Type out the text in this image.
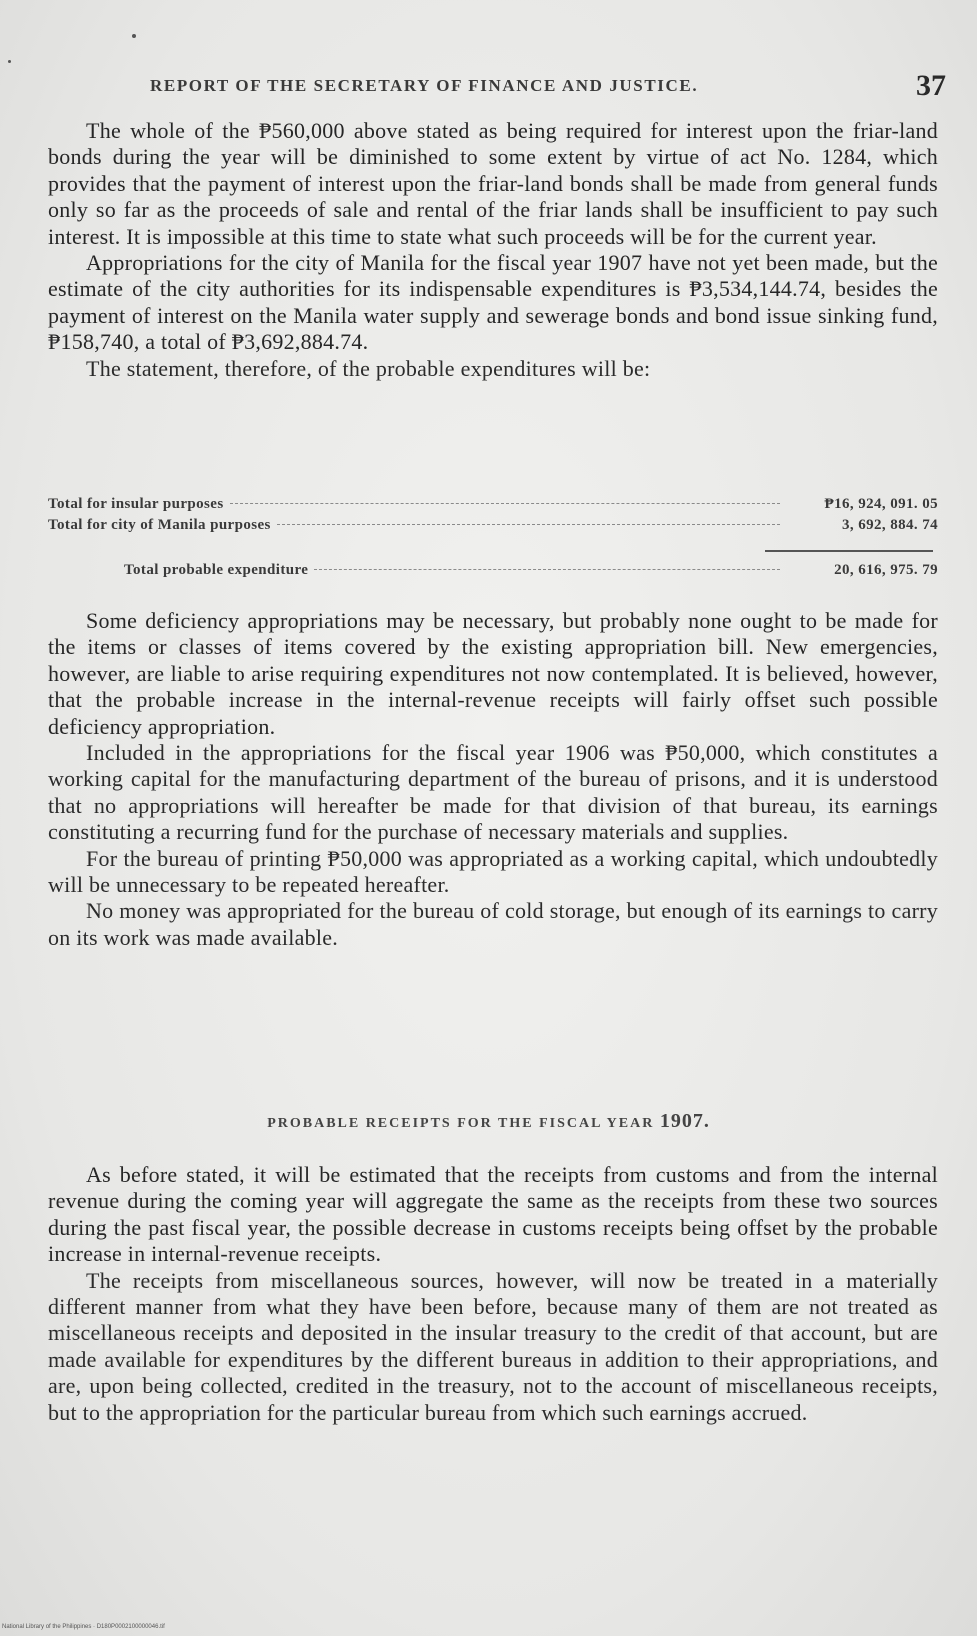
REPORT OF THE SECRETARY OF FINANCE AND JUSTICE.	37

The whole of the ₱560,000 above stated as being required for interest upon the friar-land bonds during the year will be diminished to some extent by virtue of act No. 1284, which provides that the payment of interest upon the friar-land bonds shall be made from general funds only so far as the proceeds of sale and rental of the friar lands shall be insufficient to pay such interest. It is impossible at this time to state what such proceeds will be for the current year.

Appropriations for the city of Manila for the fiscal year 1907 have not yet been made, but the estimate of the city authorities for its indispensable expenditures is ₱3,534,144.74, besides the payment of interest on the Manila water supply and sewerage bonds and bond issue sinking fund, ₱158,740, a total of ₱3,692,884.74.

The statement, therefore, of the probable expenditures will be:

Total for insular purposes	₱16, 924, 091. 05
Total for city of Manila purposes	3, 692, 884. 74
Total probable expenditure	20, 616, 975. 79

Some deficiency appropriations may be necessary, but probably none ought to be made for the items or classes of items covered by the existing appropriation bill. New emergencies, however, are liable to arise requiring expenditures not now contemplated. It is believed, however, that the probable increase in the internal-revenue receipts will fairly offset such possible deficiency appropriation.

Included in the appropriations for the fiscal year 1906 was ₱50,000, which constitutes a working capital for the manufacturing department of the bureau of prisons, and it is understood that no appropriations will hereafter be made for that division of that bureau, its earnings constituting a recurring fund for the purchase of necessary materials and supplies.

For the bureau of printing ₱50,000 was appropriated as a working capital, which undoubtedly will be unnecessary to be repeated hereafter.

No money was appropriated for the bureau of cold storage, but enough of its earnings to carry on its work was made available.

PROBABLE RECEIPTS FOR THE FISCAL YEAR 1907.

As before stated, it will be estimated that the receipts from customs and from the internal revenue during the coming year will aggregate the same as the receipts from these two sources during the past fiscal year, the possible decrease in customs receipts being offset by the probable increase in internal-revenue receipts.

The receipts from miscellaneous sources, however, will now be treated in a materially different manner from what they have been before, because many of them are not treated as miscellaneous receipts and deposited in the insular treasury to the credit of that account, but are made available for expenditures by the different bureaus in addition to their appropriations, and are, upon being collected, credited in the treasury, not to the account of miscellaneous receipts, but to the appropriation for the particular bureau from which such earnings accrued.

National Library of the Philippines · D180P0002100000046.tif
